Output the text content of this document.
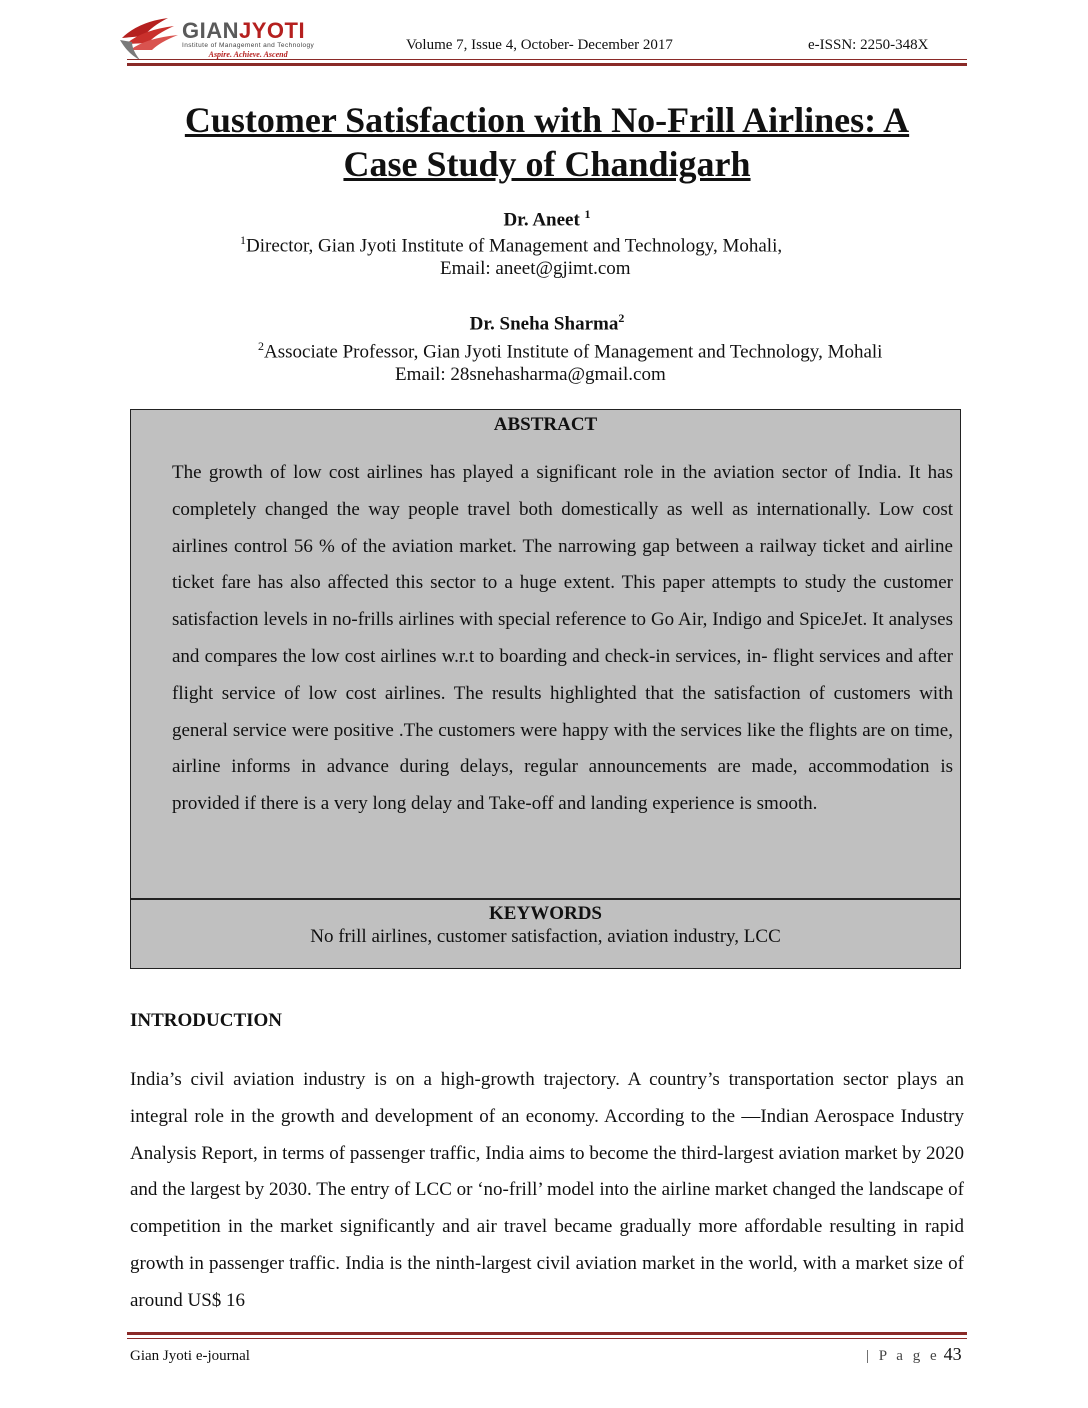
GIANJYOTI
Institute of Management and Technology
Aspire. Achieve. Ascend
Volume 7, Issue 4, October- December 2017	e-ISSN: 2250-348X
Customer Satisfaction with No-Frill Airlines: A
Case Study of Chandigarh
Dr. Aneet $^1$
$^1$Director, Gian Jyoti Institute of Management and Technology, Mohali,
Email: aneet@gjimt.com
Dr. Sneha Sharma$^2$
$^2$Associate Professor, Gian Jyoti Institute of Management and Technology, Mohali
Email: 28snehasharma@gmail.com
ABSTRACT
The growth of low cost airlines has played a significant role in the aviation sector of India. It has completely changed the way people travel both domestically as well as internationally. Low cost airlines control 56 % of the aviation market. The narrowing gap between a railway ticket and airline ticket fare has also affected this sector to a huge extent. This paper attempts to study the customer satisfaction levels in no-frills airlines with special reference to Go Air, Indigo and SpiceJet. It analyses and compares the low cost airlines w.r.t to boarding and check-in services, in- flight services and after flight service of low cost airlines. The results highlighted that the satisfaction of customers with general service were positive .The customers were happy with the services like the flights are on time, airline informs in advance during delays, regular announcements are made, accommodation is provided if there is a very long delay and Take-off and landing experience is smooth.
KEYWORDS
No frill airlines, customer satisfaction, aviation industry, LCC
INTRODUCTION
India’s civil aviation industry is on a high-growth trajectory. A country’s transportation sector plays an integral role in the growth and development of an economy. According to the ―Indian Aerospace Industry Analysis Report, in terms of passenger traffic, India aims to become the third-largest aviation market by 2020 and the largest by 2030. The entry of LCC or ‘no-frill’ model into the airline market changed the landscape of competition in the market significantly and air travel became gradually more affordable resulting in rapid growth in passenger traffic. India is the ninth-largest civil aviation market in the world, with a market size of around US$ 16
Gian Jyoti e-journal	| P a g e 43
